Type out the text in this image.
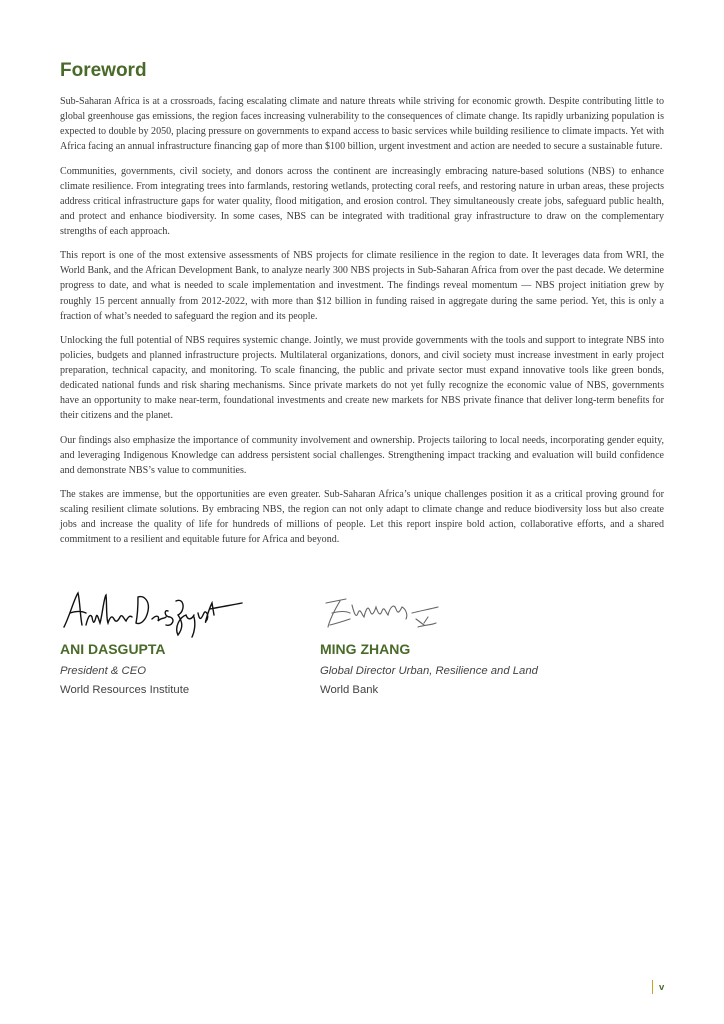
Foreword

Sub-Saharan Africa is at a crossroads, facing escalating climate and nature threats while striving for economic growth. Despite contributing little to global greenhouse gas emissions, the region faces increasing vulnerability to the consequences of climate change. Its rapidly urbanizing population is expected to double by 2050, placing pressure on governments to expand access to basic services while building resilience to climate impacts. Yet with Africa facing an annual infrastructure financing gap of more than $100 billion, urgent investment and action are needed to secure a sustainable future.

Communities, governments, civil society, and donors across the continent are increasingly embracing nature-based solutions (NBS) to enhance climate resilience. From integrating trees into farmlands, restoring wetlands, protecting coral reefs, and restoring nature in urban areas, these projects address critical infrastructure gaps for water quality, flood mitigation, and erosion control. They simultaneously create jobs, safeguard public health, and protect and enhance biodiversity. In some cases, NBS can be integrated with traditional gray infrastructure to draw on the complementary strengths of each approach.

This report is one of the most extensive assessments of NBS projects for climate resilience in the region to date. It leverages data from WRI, the World Bank, and the African Development Bank, to analyze nearly 300 NBS projects in Sub-Saharan Africa from over the past decade. We determine progress to date, and what is needed to scale implementation and investment. The findings reveal momentum — NBS project initiation grew by roughly 15 percent annually from 2012-2022, with more than $12 billion in funding raised in aggregate during the same period. Yet, this is only a fraction of what’s needed to safeguard the region and its people.

Unlocking the full potential of NBS requires systemic change. Jointly, we must provide governments with the tools and support to integrate NBS into policies, budgets and planned infrastructure projects. Multilateral organizations, donors, and civil society must increase investment in early project preparation, technical capacity, and monitoring. To scale financing, the public and private sector must expand innovative tools like green bonds, dedicated national funds and risk sharing mechanisms. Since private markets do not yet fully recognize the economic value of NBS, governments have an opportunity to make near-term, foundational investments and create new markets for NBS private finance that deliver long-term benefits for their citizens and the planet.

Our findings also emphasize the importance of community involvement and ownership. Projects tailoring to local needs, incorporating gender equity, and leveraging Indigenous Knowledge can address persistent social challenges. Strengthening impact tracking and evaluation will build confidence and demonstrate NBS’s value to communities.

The stakes are immense, but the opportunities are even greater. Sub-Saharan Africa’s unique challenges position it as a critical proving ground for scaling resilient climate solutions. By embracing NBS, the region can not only adapt to climate change and reduce biodiversity loss but also create jobs and increase the quality of life for hundreds of millions of people. Let this report inspire bold action, collaborative efforts, and a shared commitment to a resilient and equitable future for Africa and beyond.

ANI DASGUPTA
President & CEO
World Resources Institute
MING ZHANG
Global Director Urban, Resilience and Land
World Bank
v
